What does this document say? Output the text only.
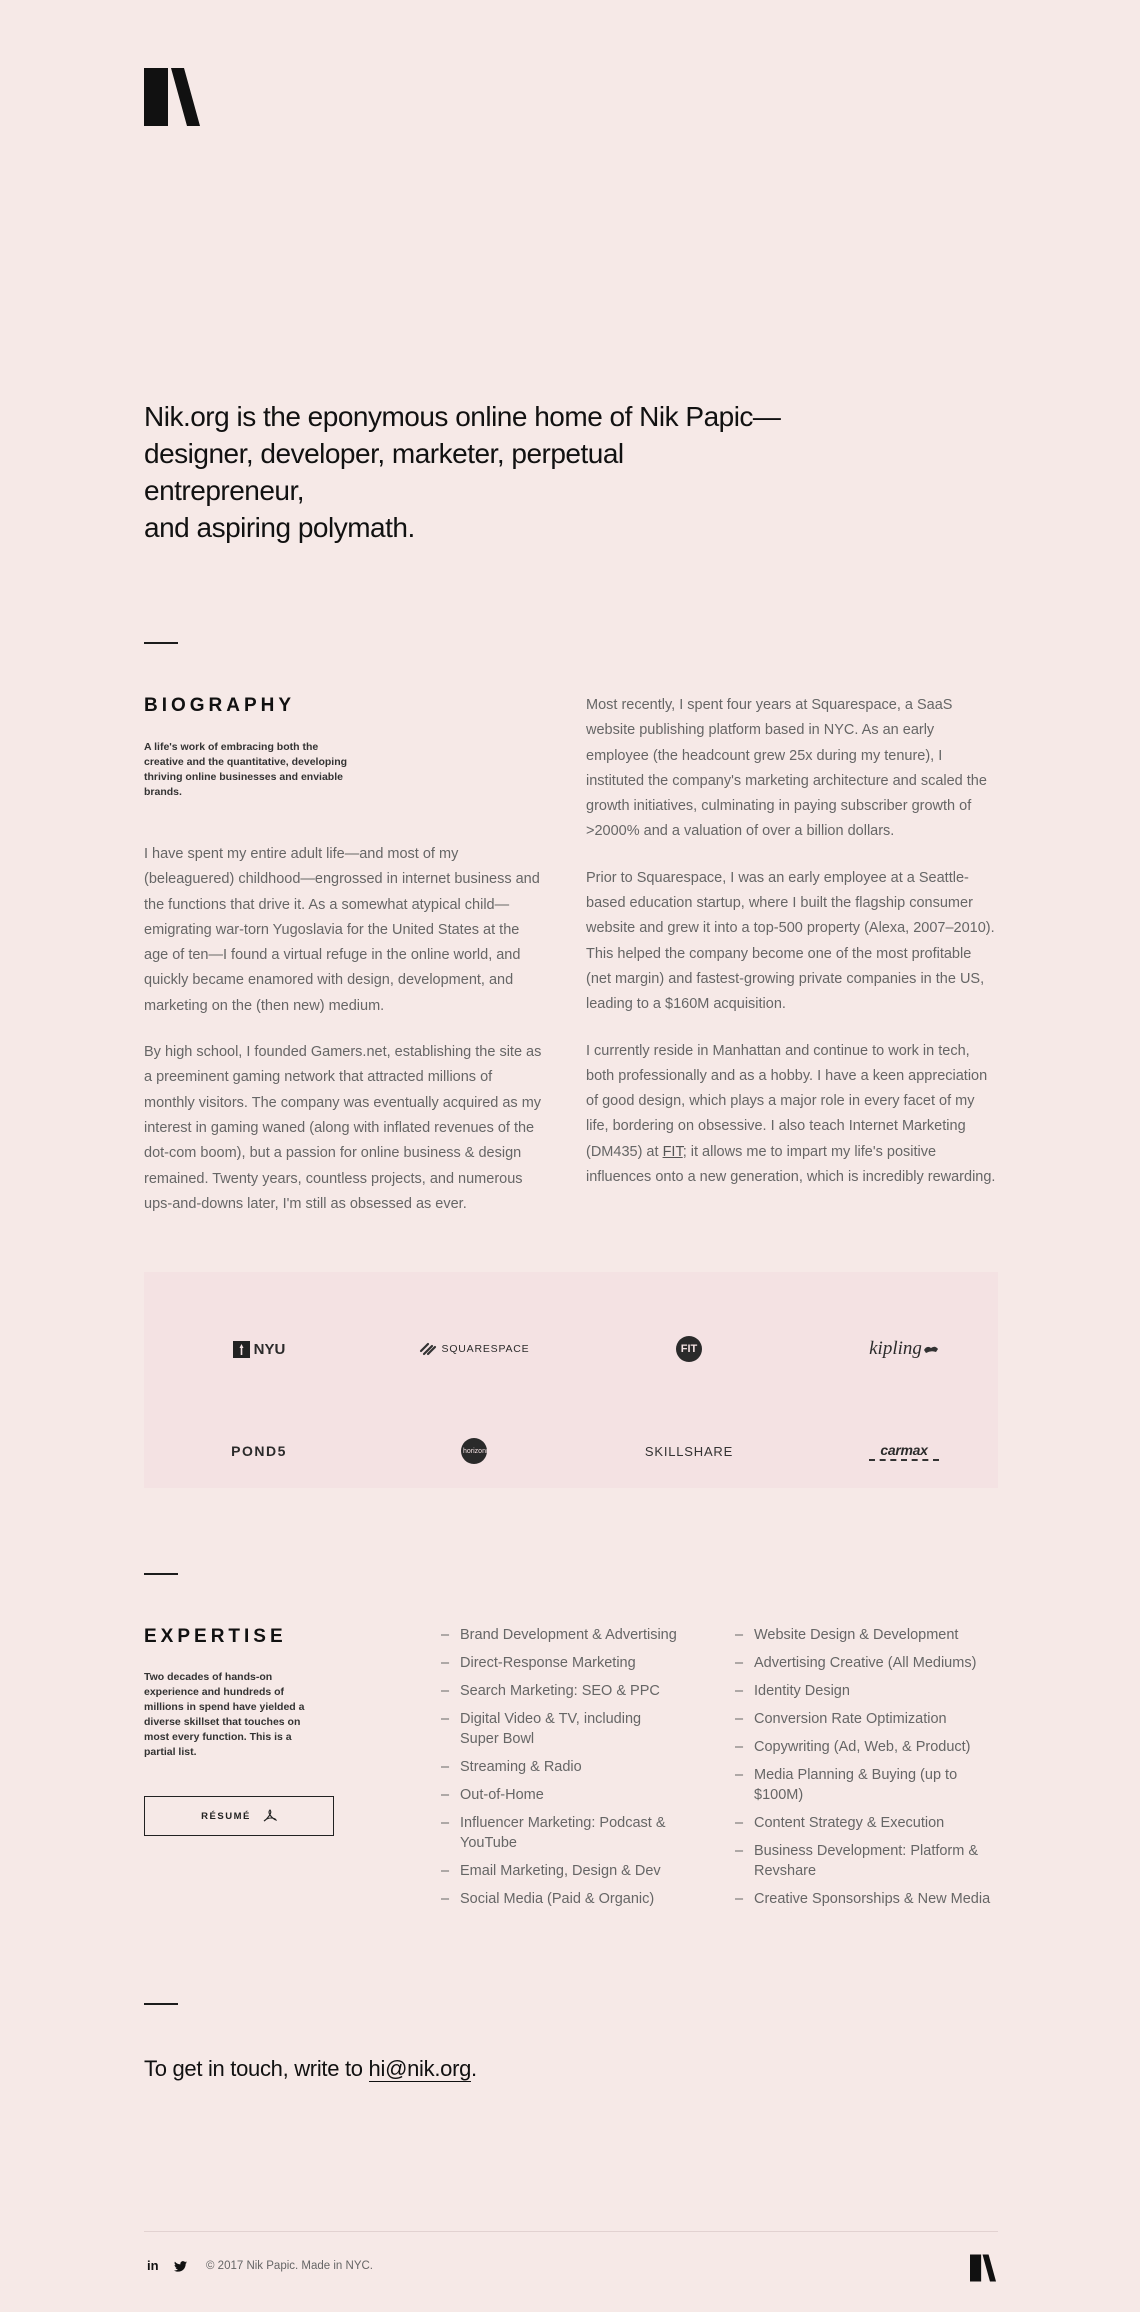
Nik.org is the eponymous online home of Nik Papic—
designer, developer, marketer, perpetual entrepreneur,
and aspiring polymath.
BIOGRAPHY
A life's work of embracing both the creative and the quantitative, developing thriving online businesses and enviable brands.

I have spent my entire adult life—and most of my (beleaguered) childhood—engrossed in internet business and the functions that drive it. As a somewhat atypical child—emigrating war-torn Yugoslavia for the United States at the age of ten—I found a virtual refuge in the online world, and quickly became enamored with design, development, and marketing on the (then new) medium.

By high school, I founded Gamers.net, establishing the site as a preeminent gaming network that attracted millions of monthly visitors. The company was eventually acquired as my interest in gaming waned (along with inflated revenues of the dot-com boom), but a passion for online business & design remained. Twenty years, countless projects, and numerous ups-and-downs later, I'm still as obsessed as ever.

Most recently, I spent four years at Squarespace, a SaaS website publishing platform based in NYC. As an early employee (the headcount grew 25x during my tenure), I instituted the company's marketing architecture and scaled the growth initiatives, culminating in paying subscriber growth of >2000% and a valuation of over a billion dollars.

Prior to Squarespace, I was an early employee at a Seattle-based education startup, where I built the flagship consumer website and grew it into a top-500 property (Alexa, 2007–2010). This helped the company become one of the most profitable (net margin) and fastest-growing private companies in the US, leading to a $160M acquisition.

I currently reside in Manhattan and continue to work in tech, both professionally and as a hobby. I have a keen appreciation of good design, which plays a major role in every facet of my life, bordering on obsessive. I also teach Internet Marketing (DM435) at FIT; it allows me to impart my life's positive influences onto a new generation, which is incredibly rewarding.

NYU	SQUARESPACE	FIT	kipling
POND5	horizonmedia	SKILLSHARE	carmax
EXPERTISE
Two decades of hands-on experience and hundreds of millions in spend have yielded a diverse skillset that touches on most every function. This is a partial list.
RÉSUMÉ
– Brand Development & Advertising
– Direct-Response Marketing
– Search Marketing: SEO & PPC
– Digital Video & TV, including Super Bowl
– Streaming & Radio
– Out-of-Home
– Influencer Marketing: Podcast & YouTube
– Email Marketing, Design & Dev
– Social Media (Paid & Organic)
– Website Design & Development
– Advertising Creative (All Mediums)
– Identity Design
– Conversion Rate Optimization
– Copywriting (Ad, Web, & Product)
– Media Planning & Buying (up to $100M)
– Content Strategy & Execution
– Business Development: Platform & Revshare
– Creative Sponsorships & New Media
To get in touch, write to hi@nik.org.
in	© 2017 Nik Papic. Made in NYC.
